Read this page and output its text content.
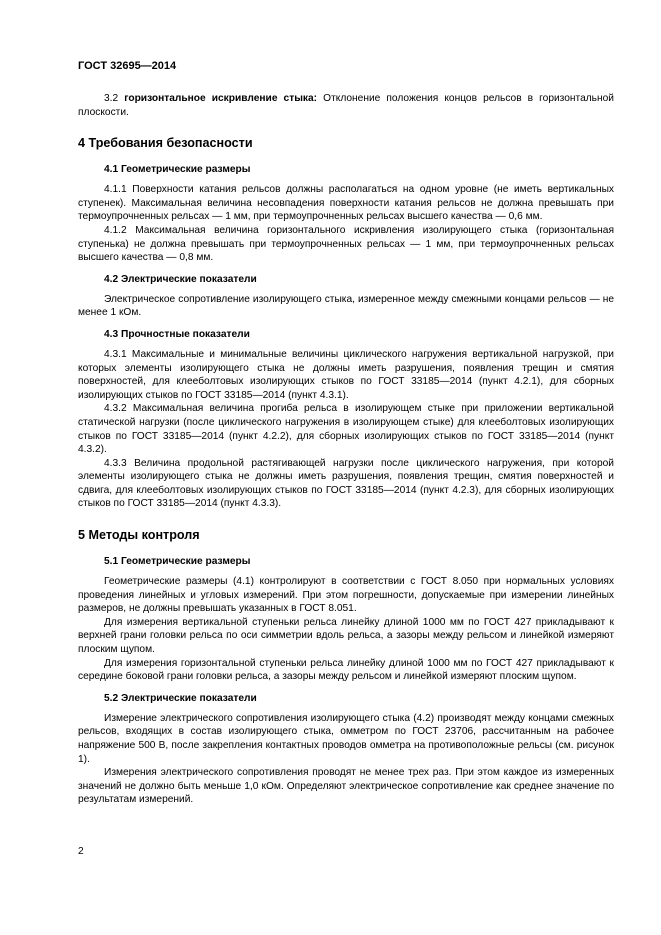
ГОСТ 32695—2014

3.2 горизонтальное искривление стыка: Отклонение положения концов рельсов в горизонтальной плоскости.

4 Требования безопасности
4.1 Геометрические размеры

4.1.1 Поверхности катания рельсов должны располагаться на одном уровне (не иметь вертикальных ступенек). Максимальная величина несовпадения поверхности катания рельсов не должна превышать при термоупрочненных рельсах — 1 мм, при термоупрочненных рельсах высшего качества — 0,6 мм.

4.1.2 Максимальная величина горизонтального искривления изолирующего стыка (горизонтальная ступенька) не должна превышать при термоупрочненных рельсах — 1 мм, при термоупрочненных рельсах высшего качества — 0,8 мм.

4.2 Электрические показатели

Электрическое сопротивление изолирующего стыка, измеренное между смежными концами рельсов — не менее 1 кОм.

4.3 Прочностные показатели

4.3.1 Максимальные и минимальные величины циклического нагружения вертикальной нагрузкой, при которых элементы изолирующего стыка не должны иметь разрушения, появления трещин и смятия поверхностей, для клееболтовых изолирующих стыков по ГОСТ 33185—2014 (пункт 4.2.1), для сборных изолирующих стыков по ГОСТ 33185—2014 (пункт 4.3.1).

4.3.2 Максимальная величина прогиба рельса в изолирующем стыке при приложении вертикальной статической нагрузки (после циклического нагружения в изолирующем стыке) для клееболтовых изолирующих стыков по ГОСТ 33185—2014 (пункт 4.2.2), для сборных изолирующих стыков по ГОСТ 33185—2014 (пункт 4.3.2).

4.3.3 Величина продольной растягивающей нагрузки после циклического нагружения, при которой элементы изолирующего стыка не должны иметь разрушения, появления трещин, смятия поверхностей и сдвига, для клееболтовых изолирующих стыков по ГОСТ 33185—2014 (пункт 4.2.3), для сборных изолирующих стыков по ГОСТ 33185—2014 (пункт 4.3.3).

5 Методы контроля
5.1 Геометрические размеры

Геометрические размеры (4.1) контролируют в соответствии с ГОСТ 8.050 при нормальных условиях проведения линейных и угловых измерений. При этом погрешности, допускаемые при измерении линейных размеров, не должны превышать указанных в ГОСТ 8.051.

Для измерения вертикальной ступеньки рельса линейку длиной 1000 мм по ГОСТ 427 прикладывают к верхней грани головки рельса по оси симметрии вдоль рельса, а зазоры между рельсом и линейкой измеряют плоским щупом.

Для измерения горизонтальной ступеньки рельса линейку длиной 1000 мм по ГОСТ 427 прикладывают к середине боковой грани головки рельса, а зазоры между рельсом и линейкой измеряют плоским щупом.

5.2 Электрические показатели

Измерение электрического сопротивления изолирующего стыка (4.2) производят между концами смежных рельсов, входящих в состав изолирующего стыка, омметром по ГОСТ 23706, рассчитанным на рабочее напряжение 500 В, после закрепления контактных проводов омметра на противоположные рельсы (см. рисунок 1).

Измерения электрического сопротивления проводят не менее трех раз. При этом каждое из измеренных значений не должно быть меньше 1,0 кОм. Определяют электрическое сопротивление как среднее значение по результатам измерений.

2
